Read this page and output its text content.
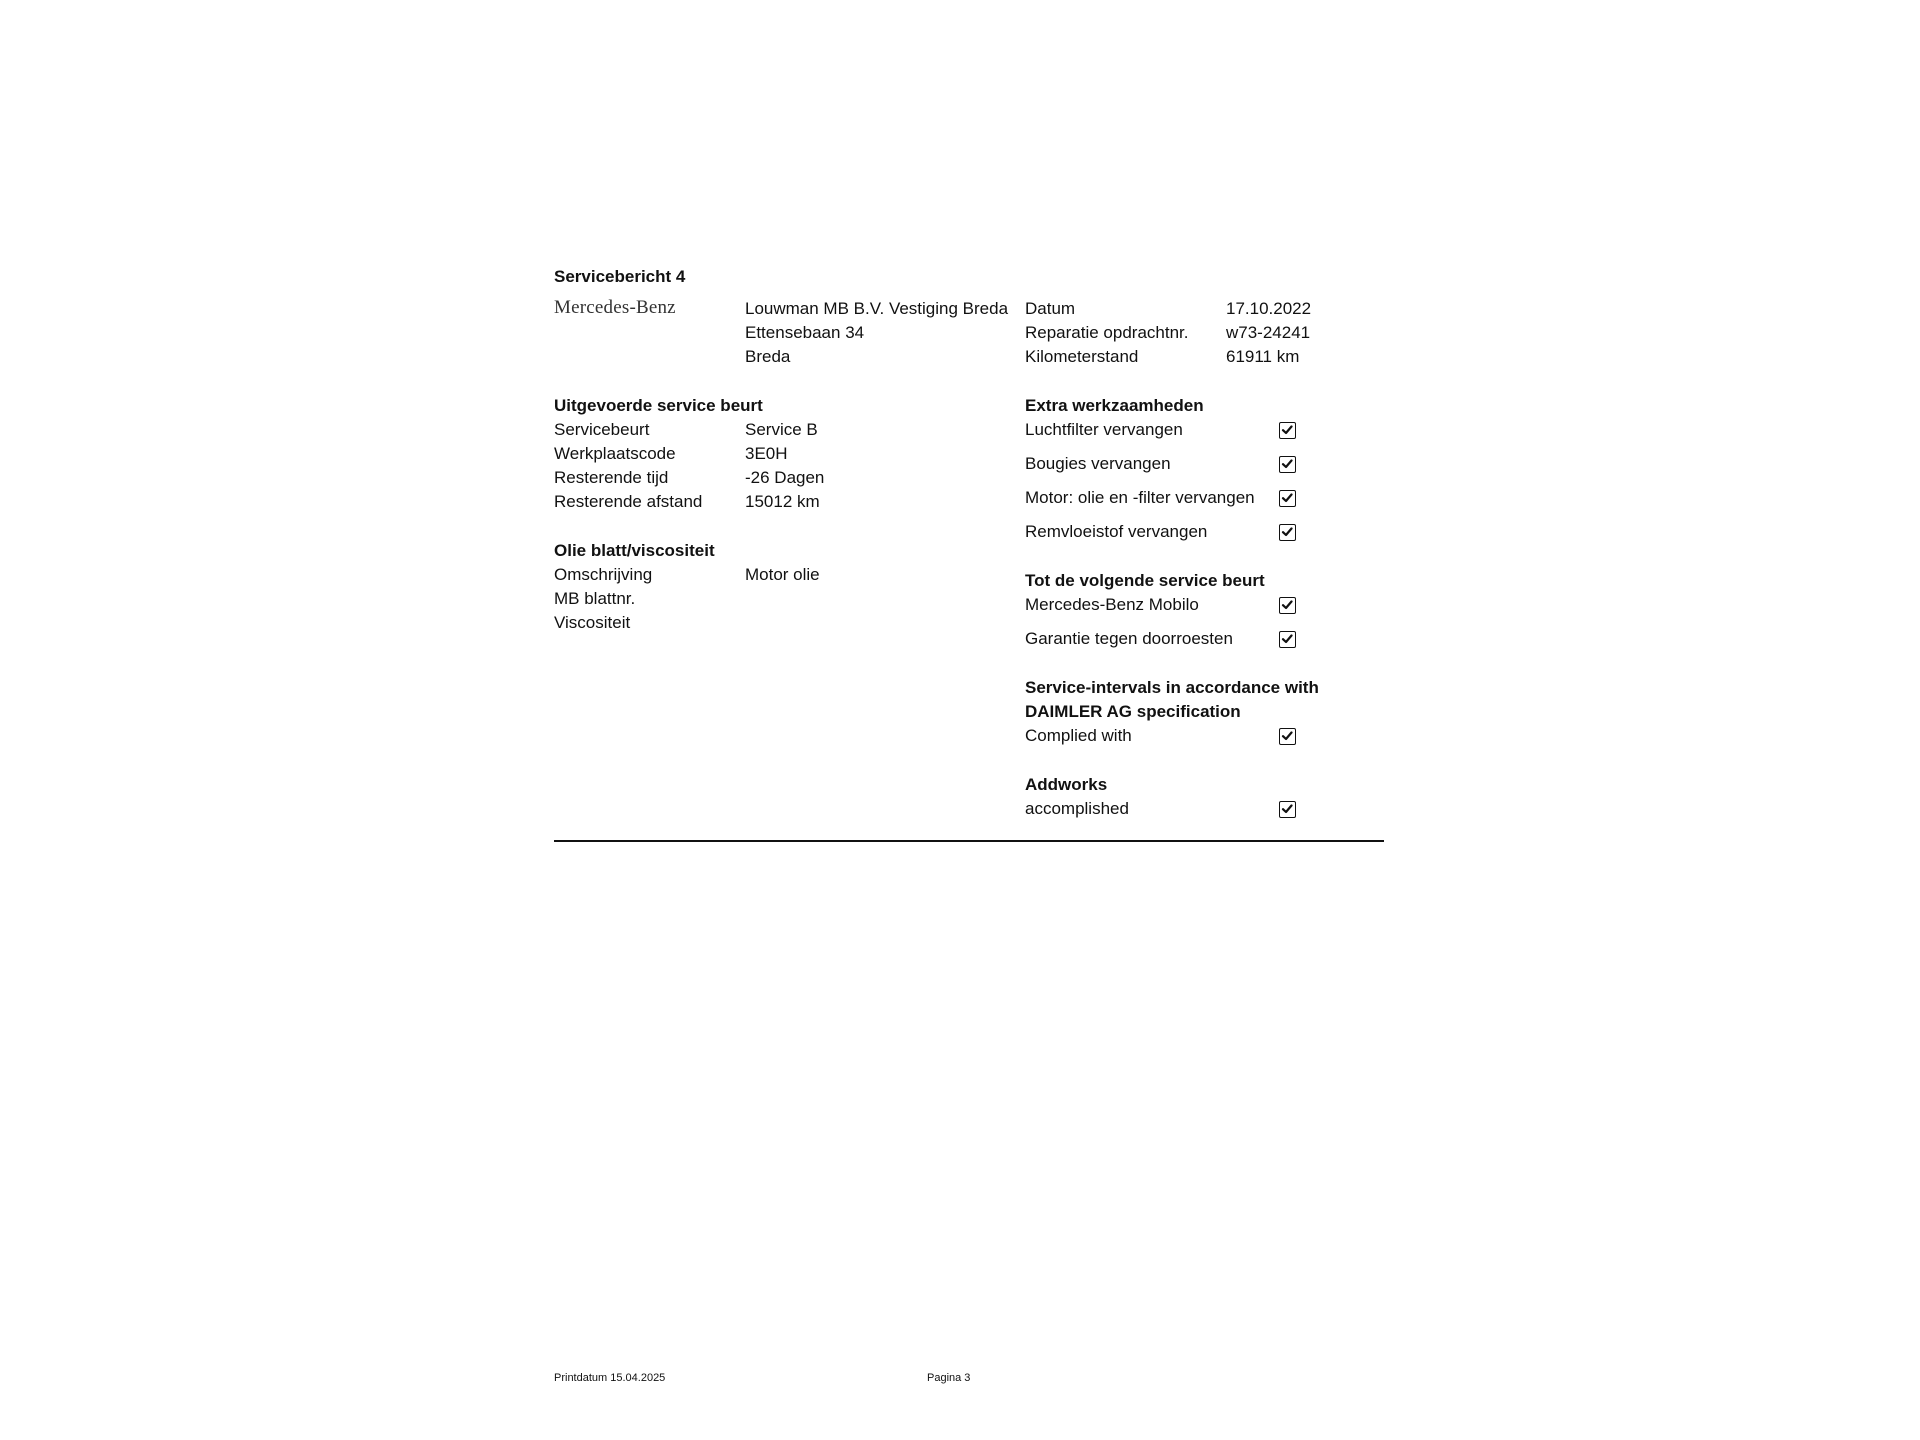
Servicebericht 4
Mercedes-Benz	Louwman MB B.V. Vestiging Breda
Ettensebaan 34
Breda
Datum	17.10.2022
Reparatie opdrachtnr. w73-24241
Kilometerstand	61911 km
Uitgevoerde service beurt
Servicebeurt	Service B
Werkplaatscode	3E0H
Resterende tijd	-26 Dagen
Resterende afstand	15012 km
Olie blatt/viscositeit
Omschrijving	Motor olie
MB blattnr.
Viscositeit
Extra werkzaamheden
Luchtfilter vervangen
Bougies vervangen
Motor: olie en -filter vervangen
Remvloeistof vervangen
Tot de volgende service beurt
Mercedes-Benz Mobilo
Garantie tegen doorroesten
Service-intervals in accordance with
DAIMLER AG specification
Complied with
Addworks
accomplished
Printdatum 15.04.2025	Pagina 3
